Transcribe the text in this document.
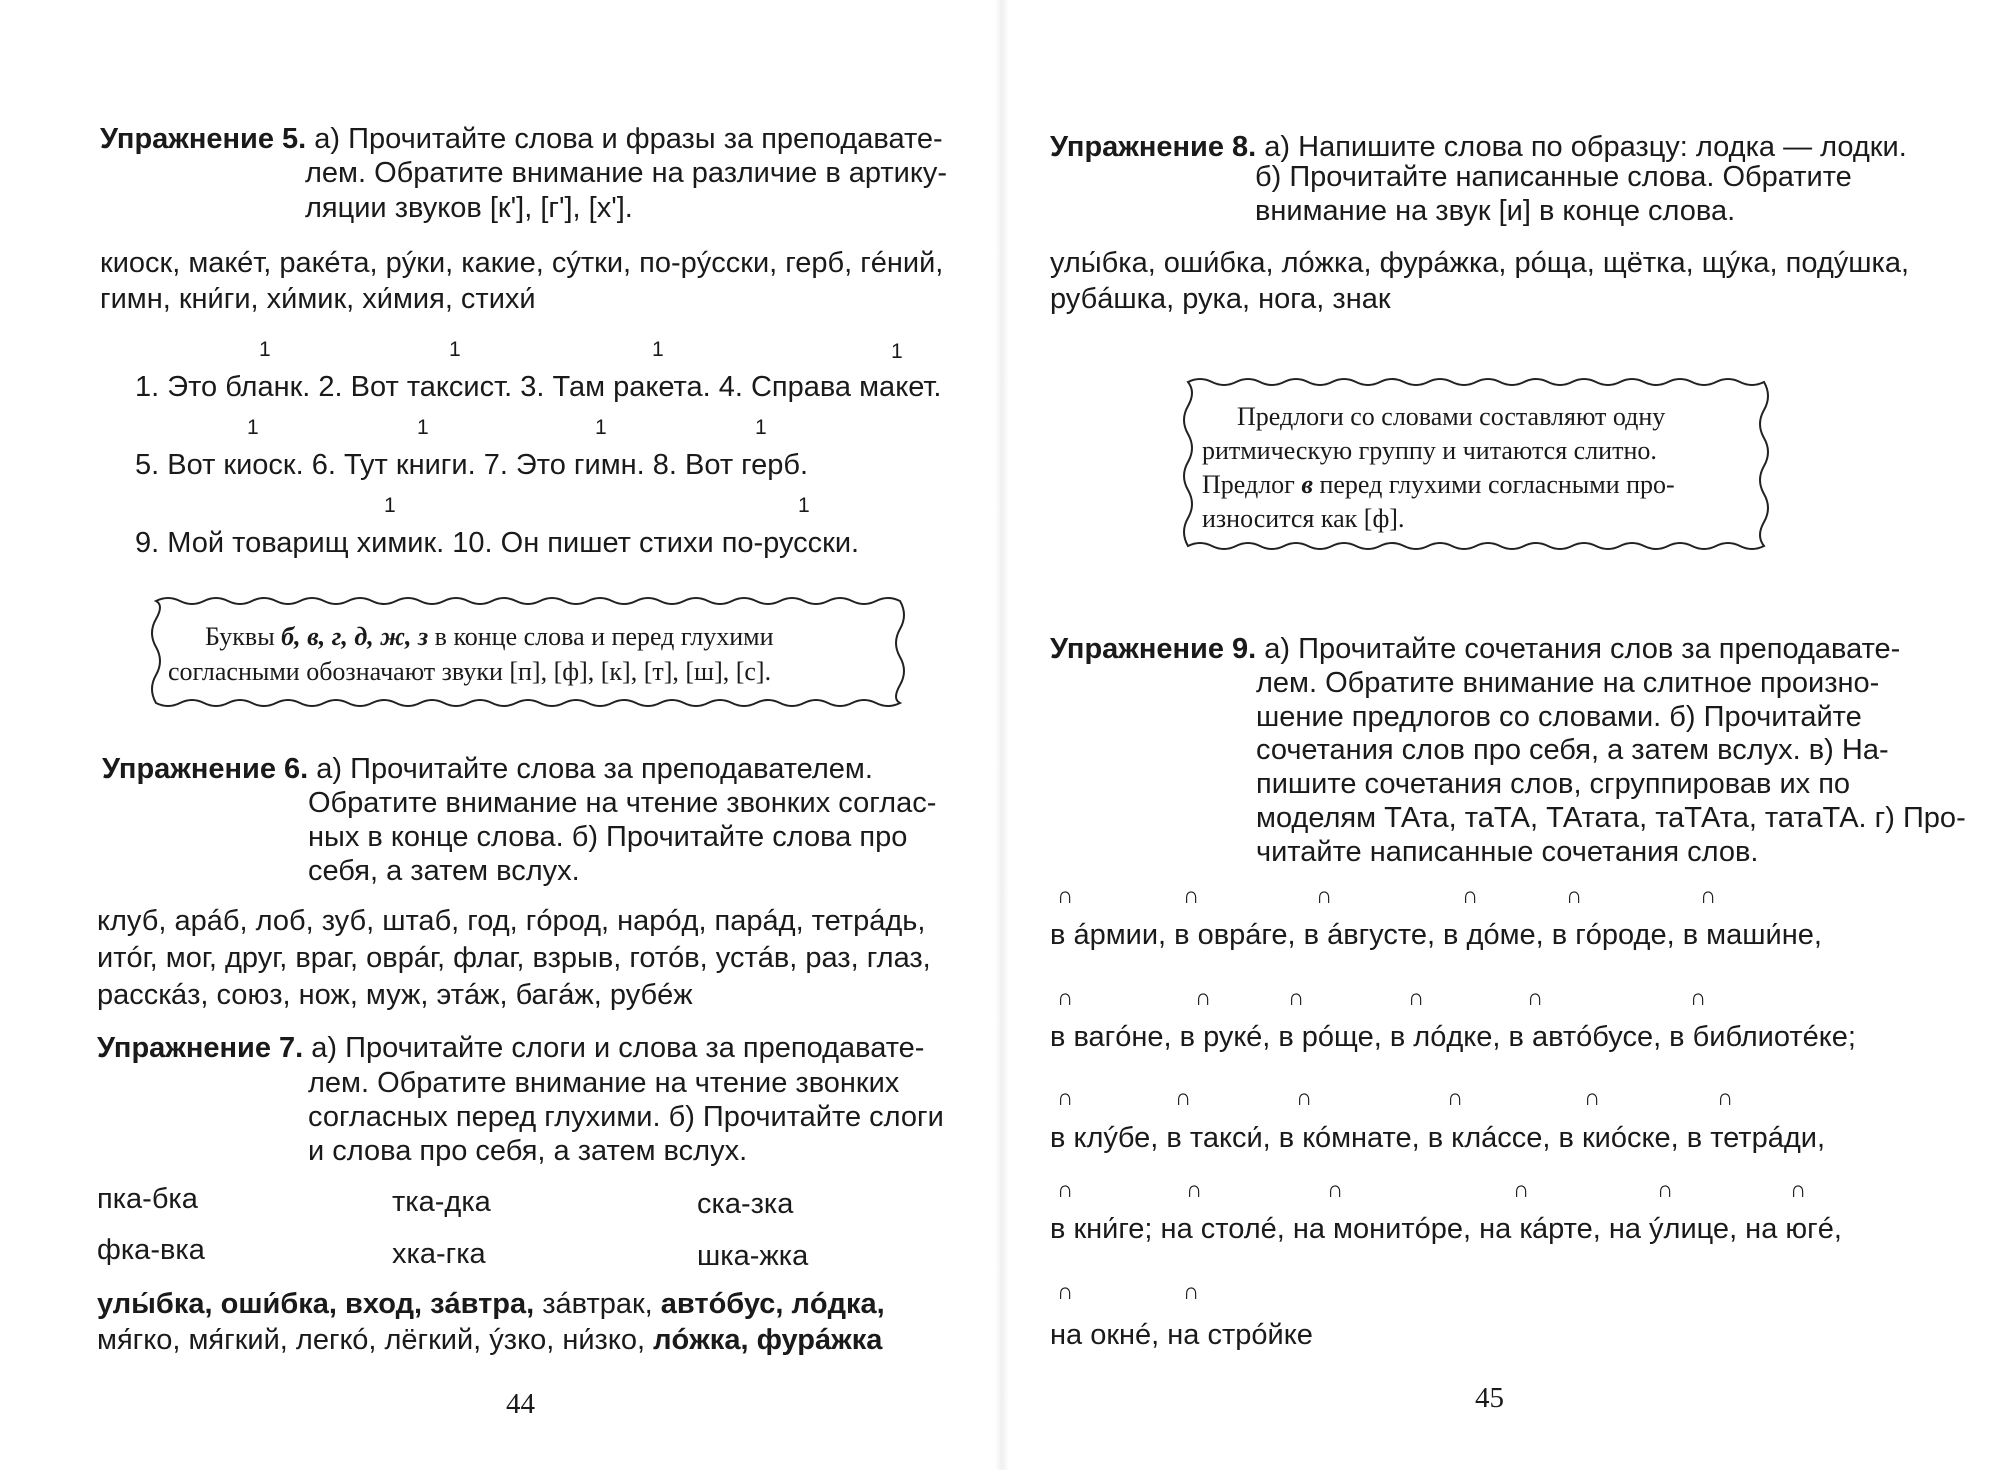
Упражнение 5. а) Прочитайте слова и фразы за преподавате-
лем. Обратите внимание на различие в артику-
ляции звуков [к'], [г'], [х'].
киоск, макéт, ракéта, рýки, какие, сýтки, по-рýсски, герб, гéний,
гимн, кни́ги, хи́мик, хи́мия, стихи́
1	1	1	1
1. Это бланк. 2. Вот таксист. 3. Там ракета. 4. Справа макет.
1	1	1	1
5. Вот киоск. 6. Тут книги. 7. Это гимн. 8. Вот герб.
1	1
9. Мой товарищ химик. 10. Он пишет стихи по-русски.
Буквы б, в, г, д, ж, з в конце слова и перед глухими
согласными обозначают звуки [п], [ф], [к], [т], [ш], [с].
Упражнение 6. а) Прочитайте слова за преподавателем.
Обратите внимание на чтение звонких соглас-
ных в конце слова. б) Прочитайте слова про
себя, а затем вслух.
клуб, арáб, лоб, зуб, штаб, год, гóрод, нарóд, парáд, тетрáдь,
итóг, мог, друг, враг, оврáг, флаг, взрыв, готóв, устáв, раз, глаз,
расскáз, союз, нож, муж, этáж, багáж, рубéж
Упражнение 7. а) Прочитайте слоги и слова за преподавате-
лем. Обратите внимание на чтение звонких
согласных перед глухими. б) Прочитайте слоги
и слова про себя, а затем вслух.
пка-бка	тка-дка	ска-зка
фка-вка	хка-гка	шка-жка
улы́бка, оши́бка, вход, зáвтра, зáвтрак, автóбус, лóдка,
мя́гко, мя́гкий, легкó, лёгкий, ýзко, ни́зко, лóжка, фурáжка
44
Упражнение 8. а) Напишите слова по образцу: лодка — лодки.
б) Прочитайте написанные слова. Обратите
внимание на звук [и] в конце слова.
улы́бка, оши́бка, лóжка, фурáжка, рóща, щётка, щýка, подýшка,
рубáшка, рука, нога, знак
Предлоги со словами составляют одну
ритмическую группу и читаются слитно.
Предлог в перед глухими согласными про-
износится как [ф].
Упражнение 9. а) Прочитайте сочетания слов за преподавате-
лем. Обратите внимание на слитное произно-
шение предлогов со словами. б) Прочитайте
сочетания слов про себя, а затем вслух. в) На-
пишите сочетания слов, сгруппировав их по
моделям ТАта, таТА, ТАтата, таТАта, татаТА. г) Про-
читайте написанные сочетания слов.
∩	∩	∩	∩	∩	∩
в áрмии, в оврáге, в áвгусте, в дóме, в гóроде, в маши́не,
∩	∩	∩	∩	∩	∩
в вагóне, в рукé, в рóще, в лóдке, в автóбусе, в библиотéке;
∩	∩	∩	∩	∩	∩
в клýбе, в такси́, в кóмнате, в клáссе, в киóске, в тетрáди,
∩	∩	∩	∩	∩	∩
в кни́ге; на столé, на монитóре, на кáрте, на ýлице, на югé,
∩	∩
на окнé, на стрóйке
45
